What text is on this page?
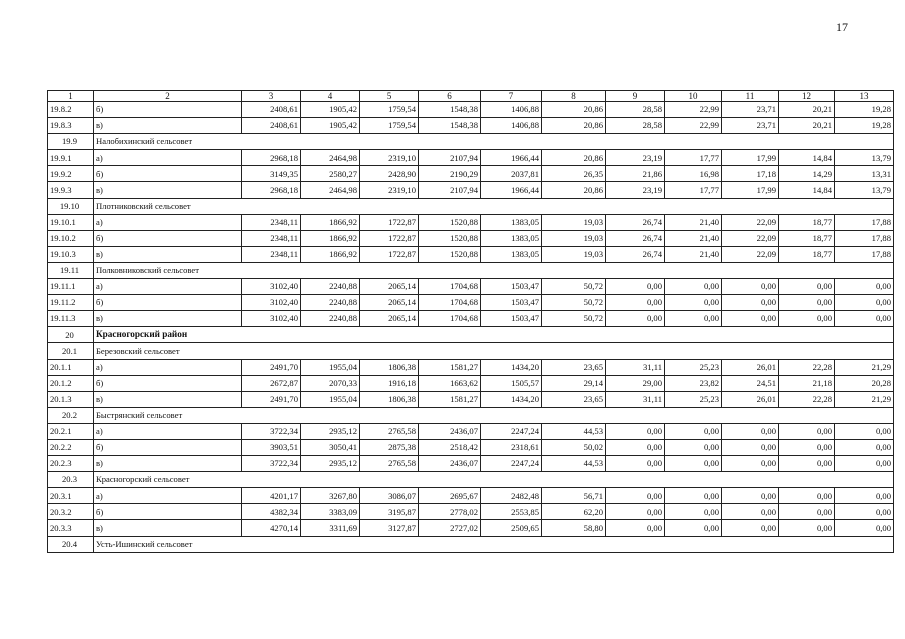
17
1	2	3	4	5	6	7	8	9	10	11	12	13
19.8.2	б)	2408,61	1905,42	1759,54	1548,38	1406,88	20,86	28,58	22,99	23,71	20,21	19,28
19.8.3	в)	2408,61	1905,42	1759,54	1548,38	1406,88	20,86	28,58	22,99	23,71	20,21	19,28
19.9	Налобихинский сельсовет											
19.9.1	а)	2968,18	2464,98	2319,10	2107,94	1966,44	20,86	23,19	17,77	17,99	14,84	13,79
19.9.2	б)	3149,35	2580,27	2428,90	2190,29	2037,81	26,35	21,86	16,98	17,18	14,29	13,31
19.9.3	в)	2968,18	2464,98	2319,10	2107,94	1966,44	20,86	23,19	17,77	17,99	14,84	13,79
19.10	Плотниковский сельсовет											
19.10.1	а)	2348,11	1866,92	1722,87	1520,88	1383,05	19,03	26,74	21,40	22,09	18,77	17,88
19.10.2	б)	2348,11	1866,92	1722,87	1520,88	1383,05	19,03	26,74	21,40	22,09	18,77	17,88
19.10.3	в)	2348,11	1866,92	1722,87	1520,88	1383,05	19,03	26,74	21,40	22,09	18,77	17,88
19.11	Полковниковский сельсовет											
19.11.1	а)	3102,40	2240,88	2065,14	1704,68	1503,47	50,72	0,00	0,00	0,00	0,00	0,00
19.11.2	б)	3102,40	2240,88	2065,14	1704,68	1503,47	50,72	0,00	0,00	0,00	0,00	0,00
19.11.3	в)	3102,40	2240,88	2065,14	1704,68	1503,47	50,72	0,00	0,00	0,00	0,00	0,00
20	Красногорский район											
20.1	Березовский сельсовет											
20.1.1	а)	2491,70	1955,04	1806,38	1581,27	1434,20	23,65	31,11	25,23	26,01	22,28	21,29
20.1.2	б)	2672,87	2070,33	1916,18	1663,62	1505,57	29,14	29,00	23,82	24,51	21,18	20,28
20.1.3	в)	2491,70	1955,04	1806,38	1581,27	1434,20	23,65	31,11	25,23	26,01	22,28	21,29
20.2	Быстрянский сельсовет											
20.2.1	а)	3722,34	2935,12	2765,58	2436,07	2247,24	44,53	0,00	0,00	0,00	0,00	0,00
20.2.2	б)	3903,51	3050,41	2875,38	2518,42	2318,61	50,02	0,00	0,00	0,00	0,00	0,00
20.2.3	в)	3722,34	2935,12	2765,58	2436,07	2247,24	44,53	0,00	0,00	0,00	0,00	0,00
20.3	Красногорский сельсовет											
20.3.1	а)	4201,17	3267,80	3086,07	2695,67	2482,48	56,71	0,00	0,00	0,00	0,00	0,00
20.3.2	б)	4382,34	3383,09	3195,87	2778,02	2553,85	62,20	0,00	0,00	0,00	0,00	0,00
20.3.3	в)	4270,14	3311,69	3127,87	2727,02	2509,65	58,80	0,00	0,00	0,00	0,00	0,00
20.4	Усть-Ишинский сельсовет											
